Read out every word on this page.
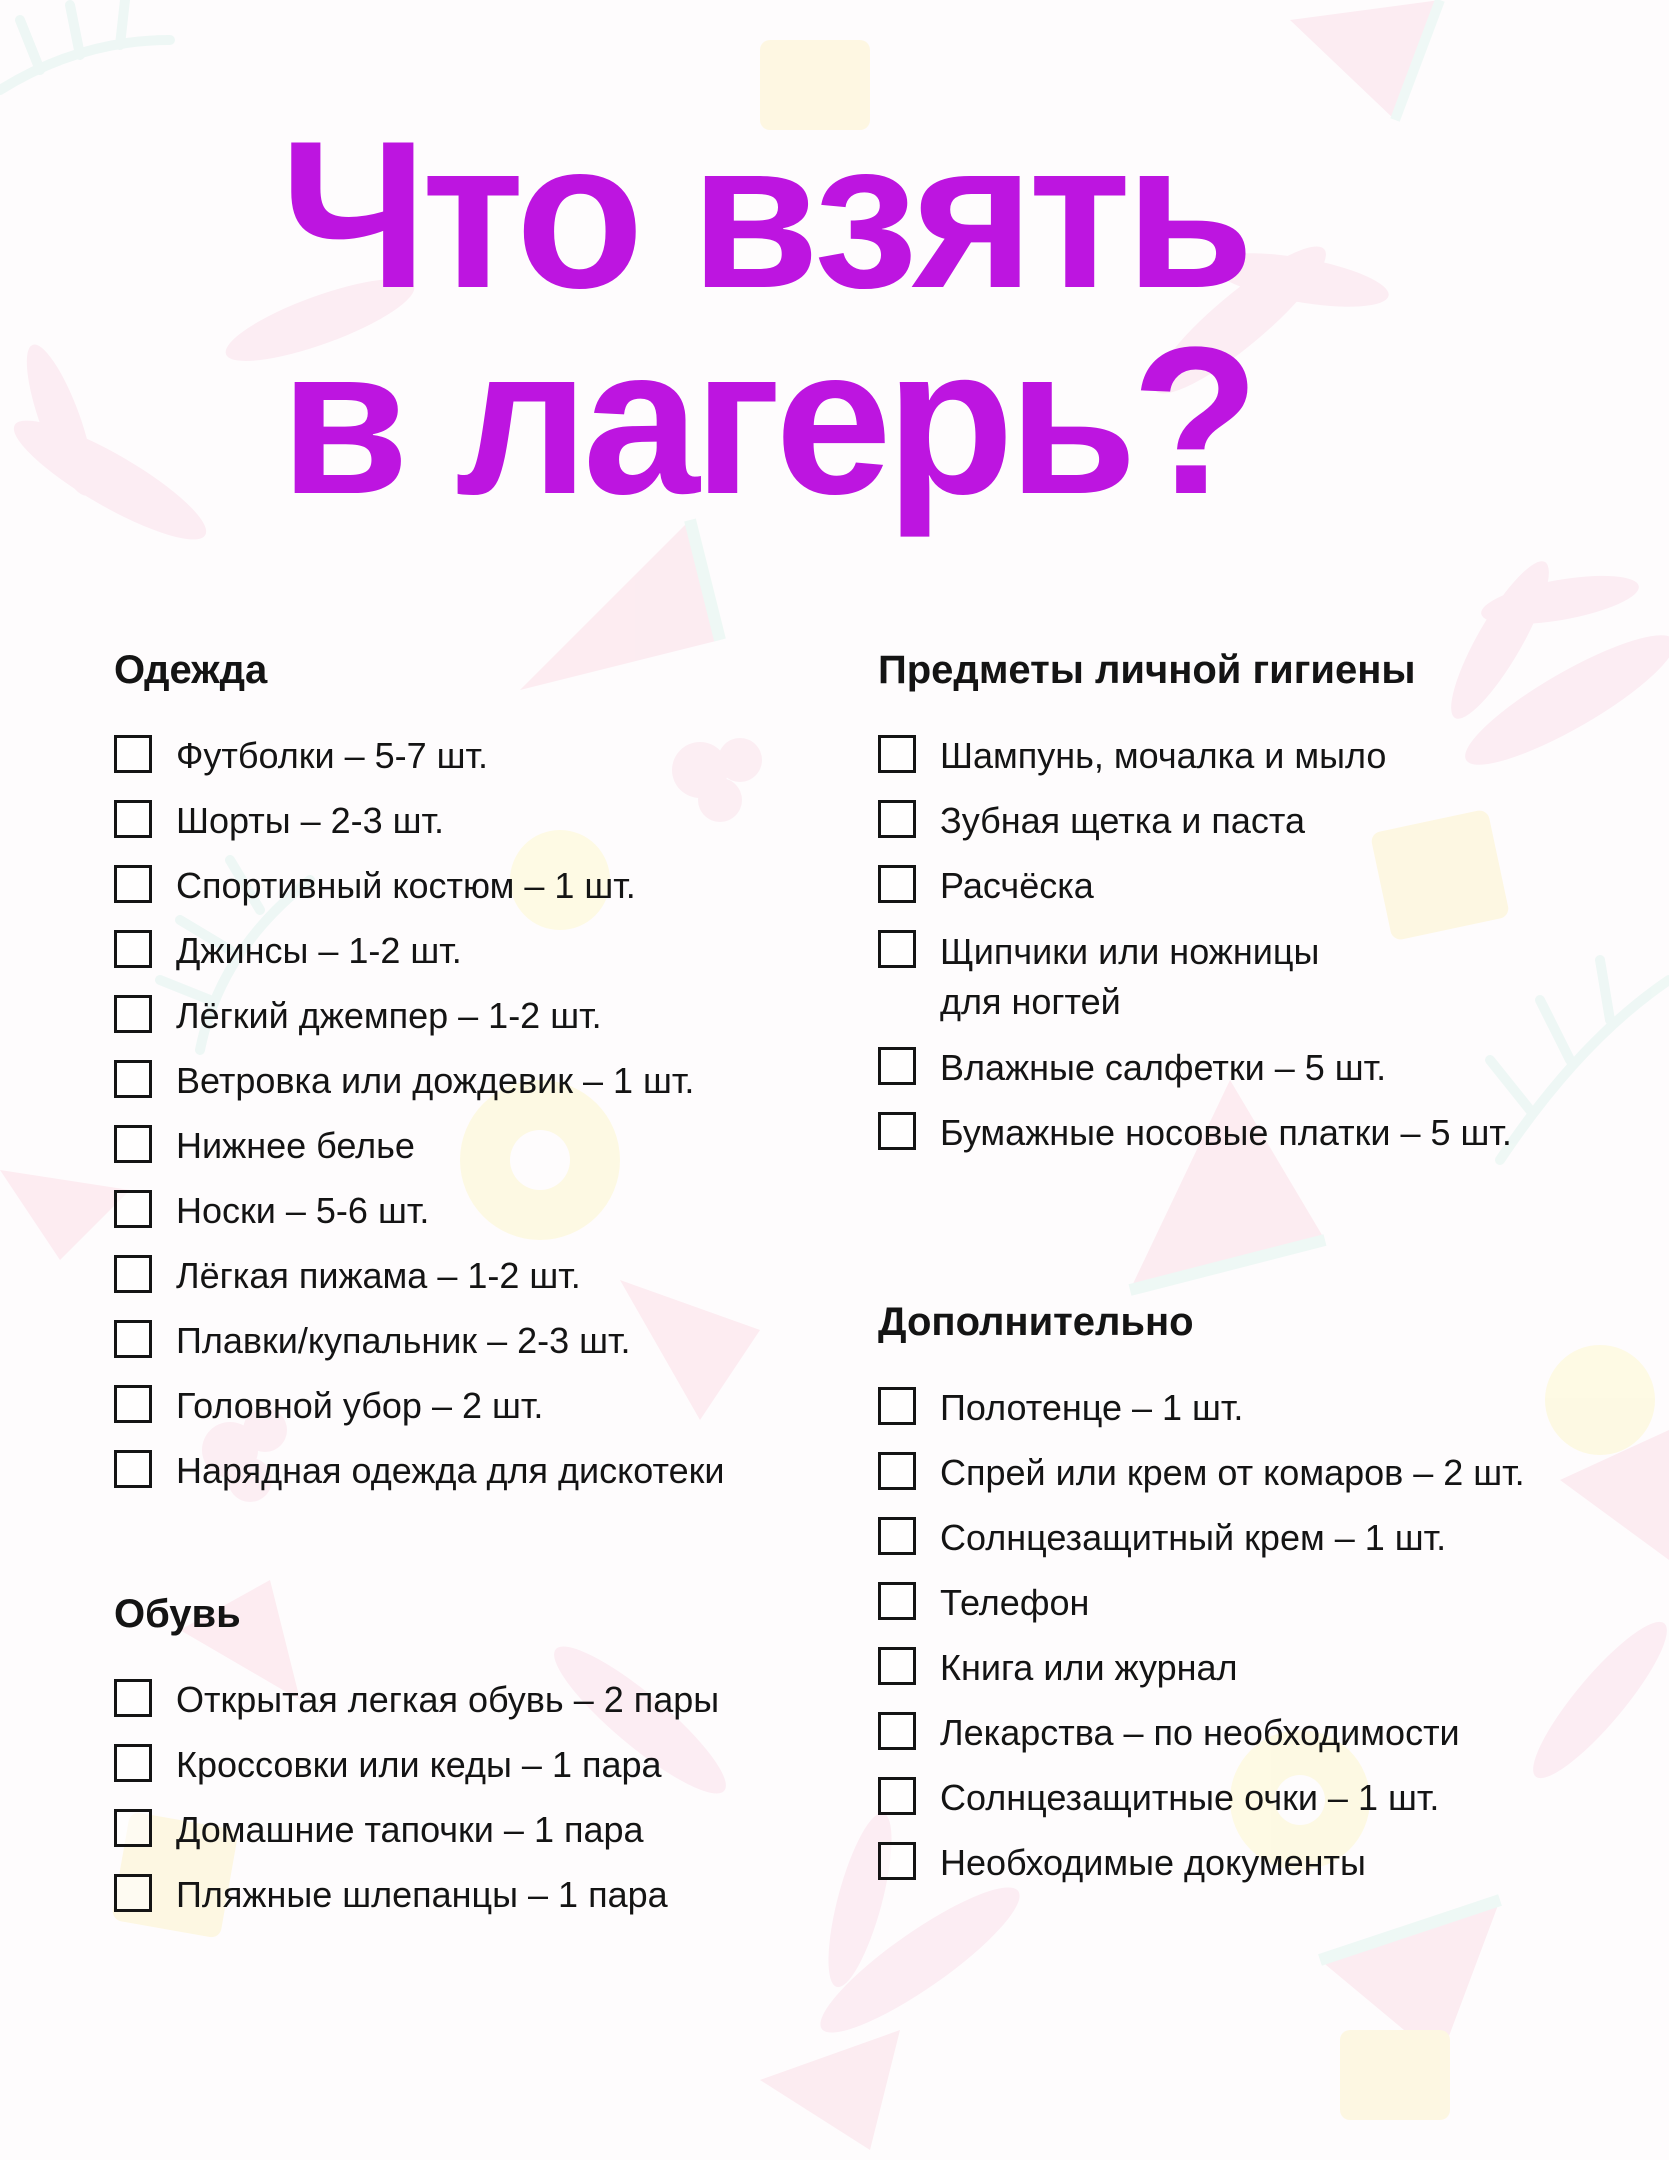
Что взять
в лагерь?
Одежда
Футболки – 5-7 шт.
Шорты – 2-3 шт.
Спортивный костюм – 1 шт.
Джинсы – 1-2 шт.
Лёгкий джемпер – 1-2 шт.
Ветровка или дождевик – 1 шт.
Нижнее белье
Носки – 5-6 шт.
Лёгкая пижама – 1-2 шт.
Плавки/купальник – 2-3 шт.
Головной убор – 2 шт.
Нарядная одежда для дискотеки
Обувь
Открытая легкая обувь – 2 пары
Кроссовки или кеды – 1 пара
Домашние тапочки – 1 пара
Пляжные шлепанцы – 1 пара
Предметы личной гигиены
Шампунь, мочалка и мыло
Зубная щетка и паста
Расчёска
Щипчики или ножницы для ногтей
Влажные салфетки – 5 шт.
Бумажные носовые платки – 5 шт.
Дополнительно
Полотенце – 1 шт.
Спрей или крем от комаров – 2 шт.
Солнцезащитный крем – 1 шт.
Телефон
Книга или журнал
Лекарства – по необходимости
Солнцезащитные очки – 1 шт.
Необходимые документы
